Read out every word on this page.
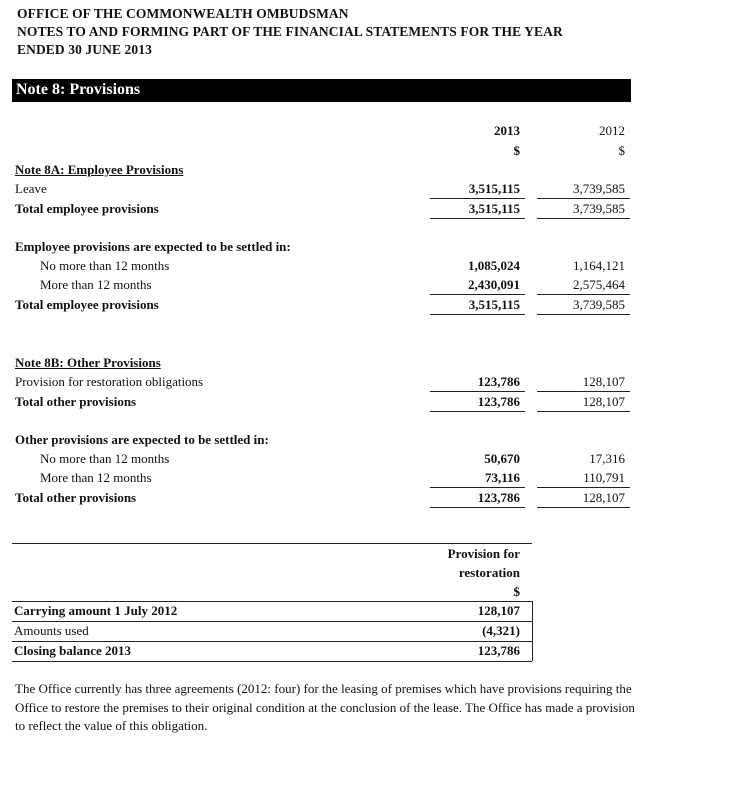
OFFICE OF THE COMMONWEALTH OMBUDSMAN
NOTES TO AND FORMING PART OF THE FINANCIAL STATEMENTS FOR THE YEAR
ENDED 30 JUNE 2013
Note 8: Provisions
2013	2012
$	$
Note 8A: Employee Provisions
Leave	3,515,115	3,739,585
Total employee provisions	3,515,115	3,739,585
Employee provisions are expected to be settled in:
No more than 12 months	1,085,024	1,164,121
More than 12 months	2,430,091	2,575,464
Total employee provisions	3,515,115	3,739,585
Note 8B: Other Provisions
Provision for restoration obligations	123,786	128,107
Total other provisions	123,786	128,107
Other provisions are expected to be settled in:
No more than 12 months	50,670	17,316
More than 12 months	73,116	110,791
Total other provisions	123,786	128,107
Provision for
restoration
$
Carrying amount 1 July 2012	128,107
Amounts used	(4,321)
Closing balance 2013	123,786
The Office currently has three agreements (2012: four) for the leasing of premises which have provisions requiring the Office to restore the premises to their original condition at the conclusion of the lease. The Office has made a provision to reflect the value of this obligation.
